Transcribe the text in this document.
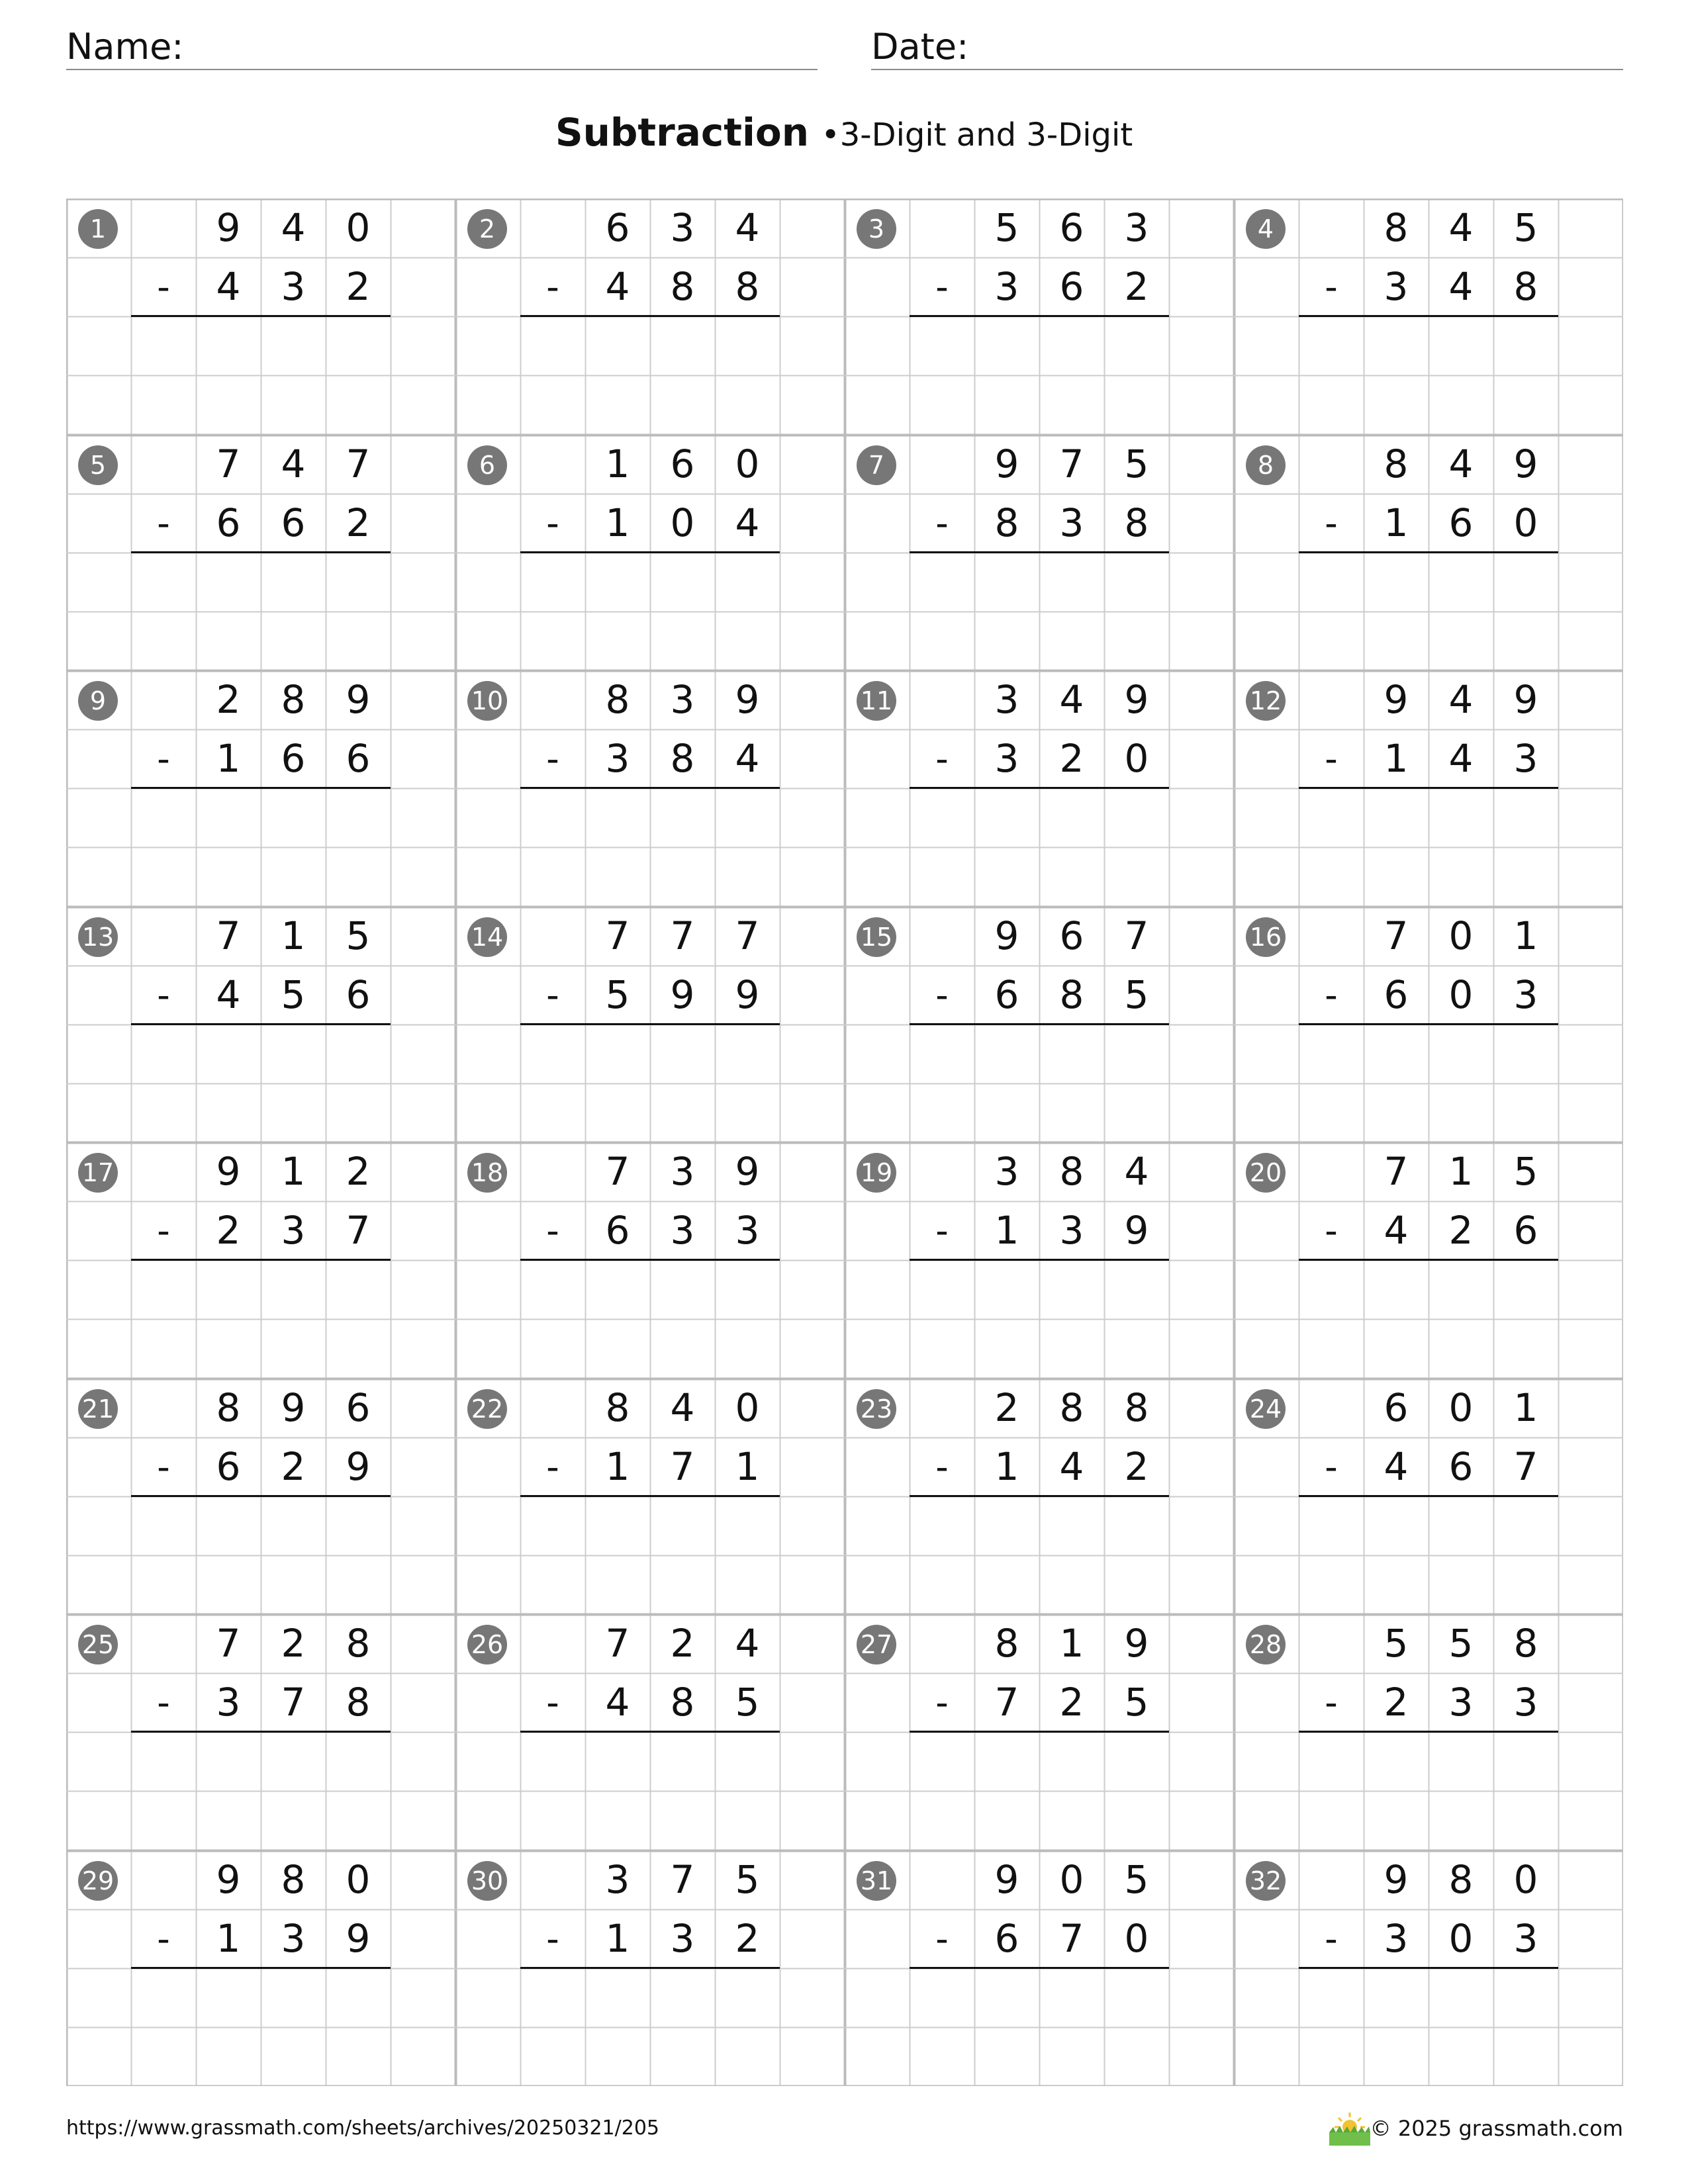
Name:	Date:
Subtraction •3-Digit and 3-Digit
1	9	4	0
-	4	3	2
2	6	3	4
-	4	8	8
3	5	6	3
-	3	6	2
4	8	4	5
-	3	4	8
5	7	4	7
-	6	6	2
6	1	6	0
-	1	0	4
7	9	7	5
-	8	3	8
8	8	4	9
-	1	6	0
9	2	8	9
-	1	6	6
10	8	3	9
-	3	8	4
11	3	4	9
-	3	2	0
12	9	4	9
-	1	4	3
13	7	1	5
-	4	5	6
14	7	7	7
-	5	9	9
15	9	6	7
-	6	8	5
16	7	0	1
-	6	0	3
17	9	1	2
-	2	3	7
18	7	3	9
-	6	3	3
19	3	8	4
-	1	3	9
20	7	1	5
-	4	2	6
21	8	9	6
-	6	2	9
22	8	4	0
-	1	7	1
23	2	8	8
-	1	4	2
24	6	0	1
-	4	6	7
25	7	2	8
-	3	7	8
26	7	2	4
-	4	8	5
27	8	1	9
-	7	2	5
28	5	5	8
-	2	3	3
29	9	8	0
-	1	3	9
30	3	7	5
-	1	3	2
31	9	0	5
-	6	7	0
32	9	8	0
-	3	0	3
https://www.grassmath.com/sheets/archives/20250321/205	© 2025 grassmath.com
